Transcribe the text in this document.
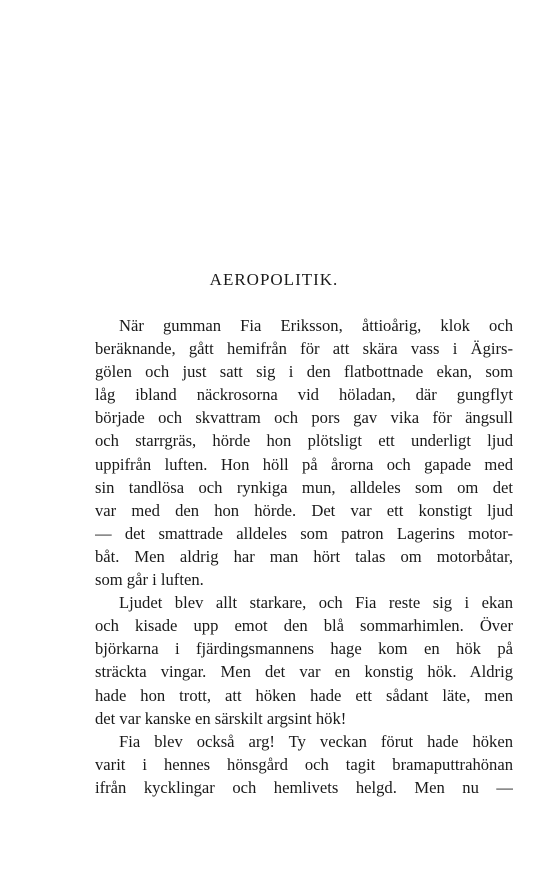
AEROPOLITIK.
När gumman Fia Eriksson, åttioårig, klok och
beräknande, gått hemifrån för att skära vass i Ägirs-
gölen och just satt sig i den flatbottnade ekan, som
låg ibland näckrosorna vid höladan, där gungflyt
började och skvattram och pors gav vika för ängsull
och starrgräs, hörde hon plötsligt ett underligt ljud
uppifrån luften. Hon höll på årorna och gapade med
sin tandlösa och rynkiga mun, alldeles som om det
var med den hon hörde. Det var ett konstigt ljud
— det smattrade alldeles som patron Lagerins motor-
båt. Men aldrig har man hört talas om motorbåtar,
som går i luften.
Ljudet blev allt starkare, och Fia reste sig i ekan
och kisade upp emot den blå sommarhimlen. Över
björkarna i fjärdingsmannens hage kom en hök på
sträckta vingar. Men det var en konstig hök. Aldrig
hade hon trott, att höken hade ett sådant läte, men
det var kanske en särskilt argsint hök!
Fia blev också arg! Ty veckan förut hade höken
varit i hennes hönsgård och tagit bramaputtrahönan
ifrån kycklingar och hemlivets helgd. Men nu —
